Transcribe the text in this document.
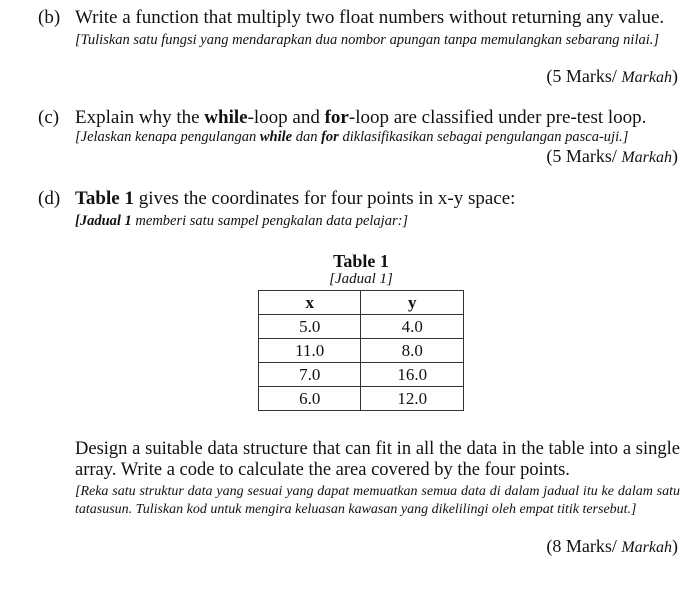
(b) Write a function that multiply two float numbers without returning any value.
[Tuliskan satu fungsi yang mendarapkan dua nombor apungan tanpa memulangkan sebarang nilai.]
(5 Marks/ Markah)
(c) Explain why the while-loop and for-loop are classified under pre-test loop.
[Jelaskan kenapa pengulangan while dan for diklasifikasikan sebagai pengulangan pasca-uji.]
(5 Marks/ Markah)
(d) Table 1 gives the coordinates for four points in x-y space:
[Jadual 1 memberi satu sampel pengkalan data pelajar:]
Table 1
[Jadual 1]
x	y
5.0	4.0
11.0	8.0
7.0	16.0
6.0	12.0
Design a suitable data structure that can fit in all the data in the table into a single array. Write a code to calculate the area covered by the four points.
[Reka satu struktur data yang sesuai yang dapat memuatkan semua data di dalam jadual itu ke dalam satu tatasusun. Tuliskan kod untuk mengira keluasan kawasan yang dikelilingi oleh empat titik tersebut.]
(8 Marks/ Markah)
